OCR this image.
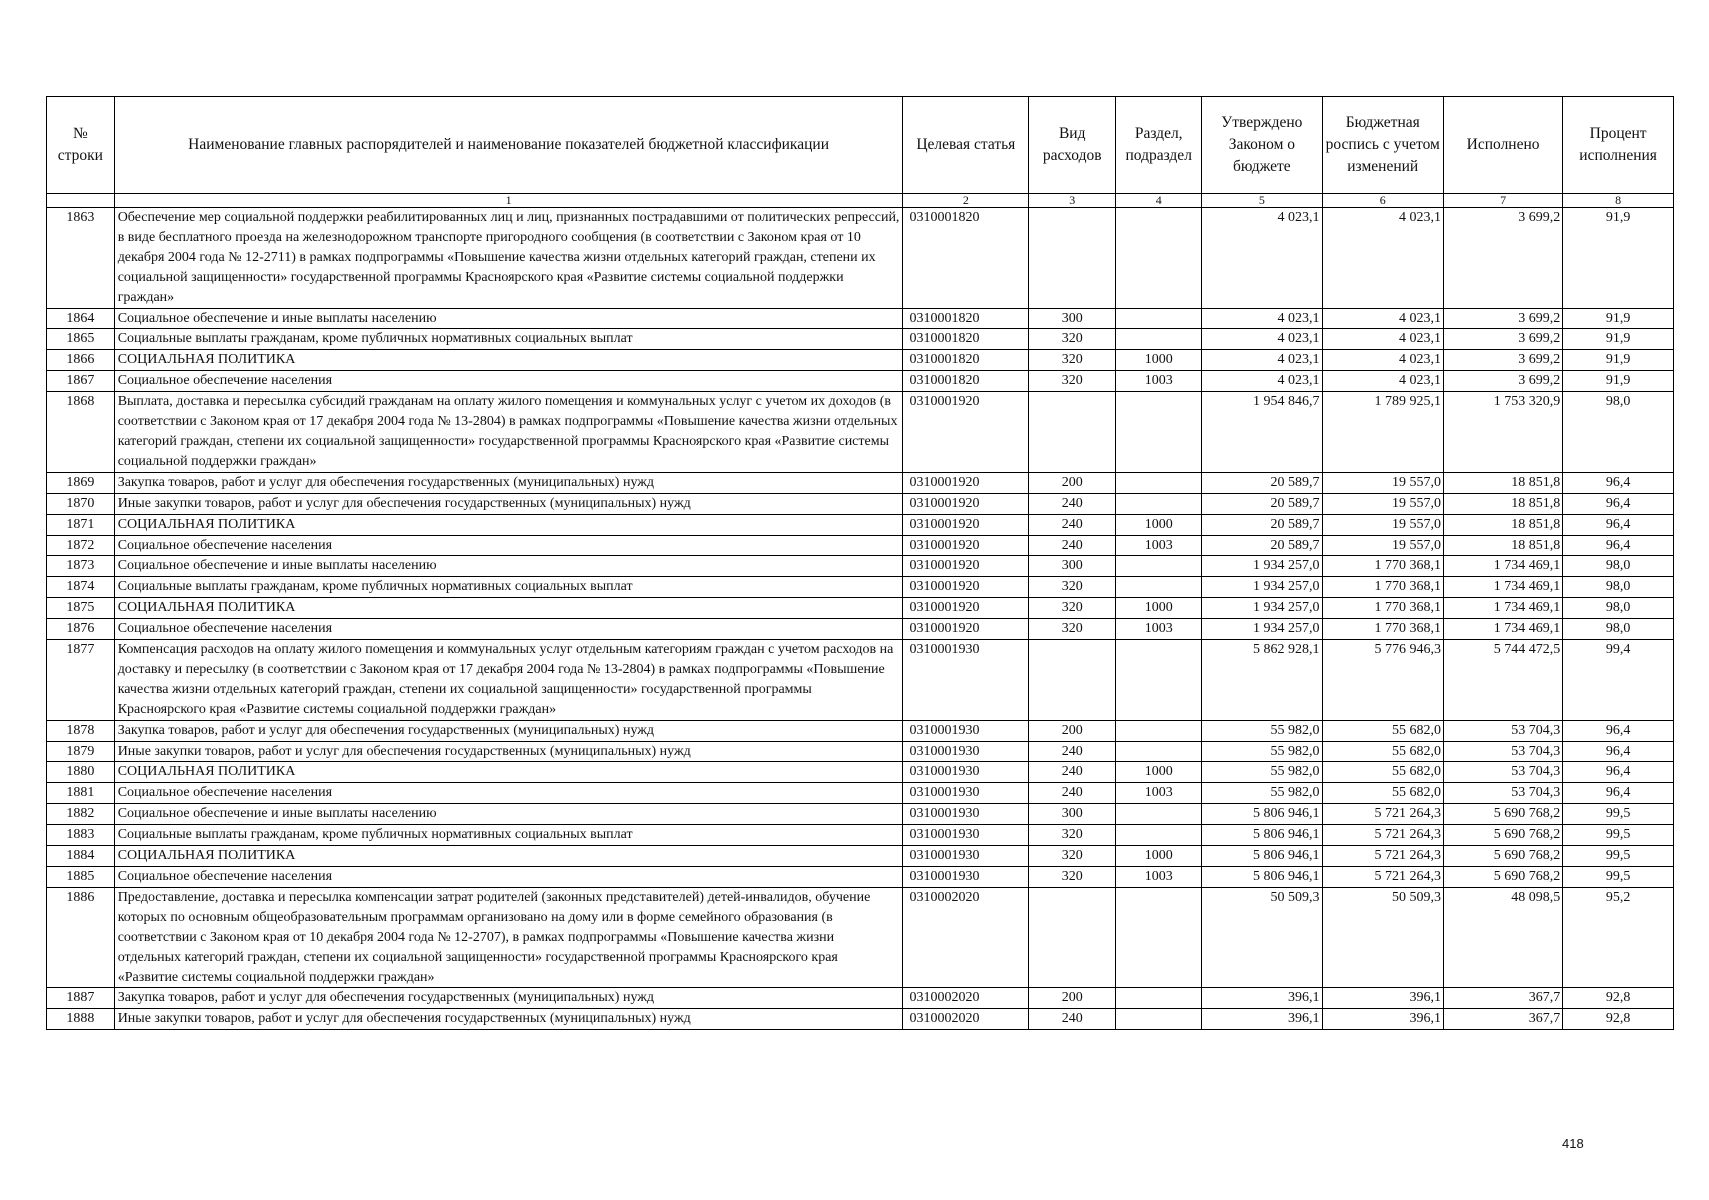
№ строки	Наименование главных распорядителей и наименование показателей бюджетной классификации	Целевая статья	Вид расходов	Раздел, подраздел	Утверждено Законом о бюджете	Бюджетная роспись с учетом изменений	Исполнено	Процент исполнения
	1	2	3	4	5	6	7	8
1863	Обеспечение мер социальной поддержки реабилитированных лиц и лиц, признанных пострадавшими от политических репрессий, в виде бесплатного проезда на железнодорожном транспорте пригородного сообщения (в соответствии с Законом края от 10 декабря 2004 года № 12-2711) в рамках подпрограммы «Повышение качества жизни отдельных категорий граждан, степени их социальной защищенности» государственной программы Красноярского края «Развитие системы социальной поддержки граждан»	0310001820			4 023,1	4 023,1	3 699,2	91,9
1864	Социальное обеспечение и иные выплаты населению	0310001820	300		4 023,1	4 023,1	3 699,2	91,9
1865	Социальные выплаты гражданам, кроме публичных нормативных социальных выплат	0310001820	320		4 023,1	4 023,1	3 699,2	91,9
1866	СОЦИАЛЬНАЯ ПОЛИТИКА	0310001820	320	1000	4 023,1	4 023,1	3 699,2	91,9
1867	Социальное обеспечение населения	0310001820	320	1003	4 023,1	4 023,1	3 699,2	91,9
1868	Выплата, доставка и пересылка субсидий гражданам на оплату жилого помещения и коммунальных услуг с учетом их доходов (в соответствии с Законом края от 17 декабря 2004 года № 13-2804) в рамках подпрограммы «Повышение качества жизни отдельных категорий граждан, степени их социальной защищенности» государственной программы Красноярского края «Развитие системы социальной поддержки граждан»	0310001920			1 954 846,7	1 789 925,1	1 753 320,9	98,0
1869	Закупка товаров, работ и услуг для обеспечения государственных (муниципальных) нужд	0310001920	200		20 589,7	19 557,0	18 851,8	96,4
1870	Иные закупки товаров, работ и услуг для обеспечения государственных (муниципальных) нужд	0310001920	240		20 589,7	19 557,0	18 851,8	96,4
1871	СОЦИАЛЬНАЯ ПОЛИТИКА	0310001920	240	1000	20 589,7	19 557,0	18 851,8	96,4
1872	Социальное обеспечение населения	0310001920	240	1003	20 589,7	19 557,0	18 851,8	96,4
1873	Социальное обеспечение и иные выплаты населению	0310001920	300		1 934 257,0	1 770 368,1	1 734 469,1	98,0
1874	Социальные выплаты гражданам, кроме публичных нормативных социальных выплат	0310001920	320		1 934 257,0	1 770 368,1	1 734 469,1	98,0
1875	СОЦИАЛЬНАЯ ПОЛИТИКА	0310001920	320	1000	1 934 257,0	1 770 368,1	1 734 469,1	98,0
1876	Социальное обеспечение населения	0310001920	320	1003	1 934 257,0	1 770 368,1	1 734 469,1	98,0
1877	Компенсация расходов на оплату жилого помещения и коммунальных услуг отдельным категориям граждан с учетом расходов на доставку и пересылку (в соответствии с Законом края от 17 декабря 2004 года № 13-2804) в рамках подпрограммы «Повышение качества жизни отдельных категорий граждан, степени их социальной защищенности» государственной программы Красноярского края «Развитие системы социальной поддержки граждан»	0310001930			5 862 928,1	5 776 946,3	5 744 472,5	99,4
1878	Закупка товаров, работ и услуг для обеспечения государственных (муниципальных) нужд	0310001930	200		55 982,0	55 682,0	53 704,3	96,4
1879	Иные закупки товаров, работ и услуг для обеспечения государственных (муниципальных) нужд	0310001930	240		55 982,0	55 682,0	53 704,3	96,4
1880	СОЦИАЛЬНАЯ ПОЛИТИКА	0310001930	240	1000	55 982,0	55 682,0	53 704,3	96,4
1881	Социальное обеспечение населения	0310001930	240	1003	55 982,0	55 682,0	53 704,3	96,4
1882	Социальное обеспечение и иные выплаты населению	0310001930	300		5 806 946,1	5 721 264,3	5 690 768,2	99,5
1883	Социальные выплаты гражданам, кроме публичных нормативных социальных выплат	0310001930	320		5 806 946,1	5 721 264,3	5 690 768,2	99,5
1884	СОЦИАЛЬНАЯ ПОЛИТИКА	0310001930	320	1000	5 806 946,1	5 721 264,3	5 690 768,2	99,5
1885	Социальное обеспечение населения	0310001930	320	1003	5 806 946,1	5 721 264,3	5 690 768,2	99,5
1886	Предоставление, доставка и пересылка компенсации затрат родителей (законных представителей) детей-инвалидов, обучение которых по основным общеобразовательным программам организовано на дому или в форме семейного образования (в соответствии с Законом края от 10 декабря 2004 года № 12-2707), в рамках подпрограммы «Повышение качества жизни отдельных категорий граждан, степени их социальной защищенности» государственной программы Красноярского края «Развитие системы социальной поддержки граждан»	0310002020			50 509,3	50 509,3	48 098,5	95,2
1887	Закупка товаров, работ и услуг для обеспечения государственных (муниципальных) нужд	0310002020	200		396,1	396,1	367,7	92,8
1888	Иные закупки товаров, работ и услуг для обеспечения государственных (муниципальных) нужд	0310002020	240		396,1	396,1	367,7	92,8
418
